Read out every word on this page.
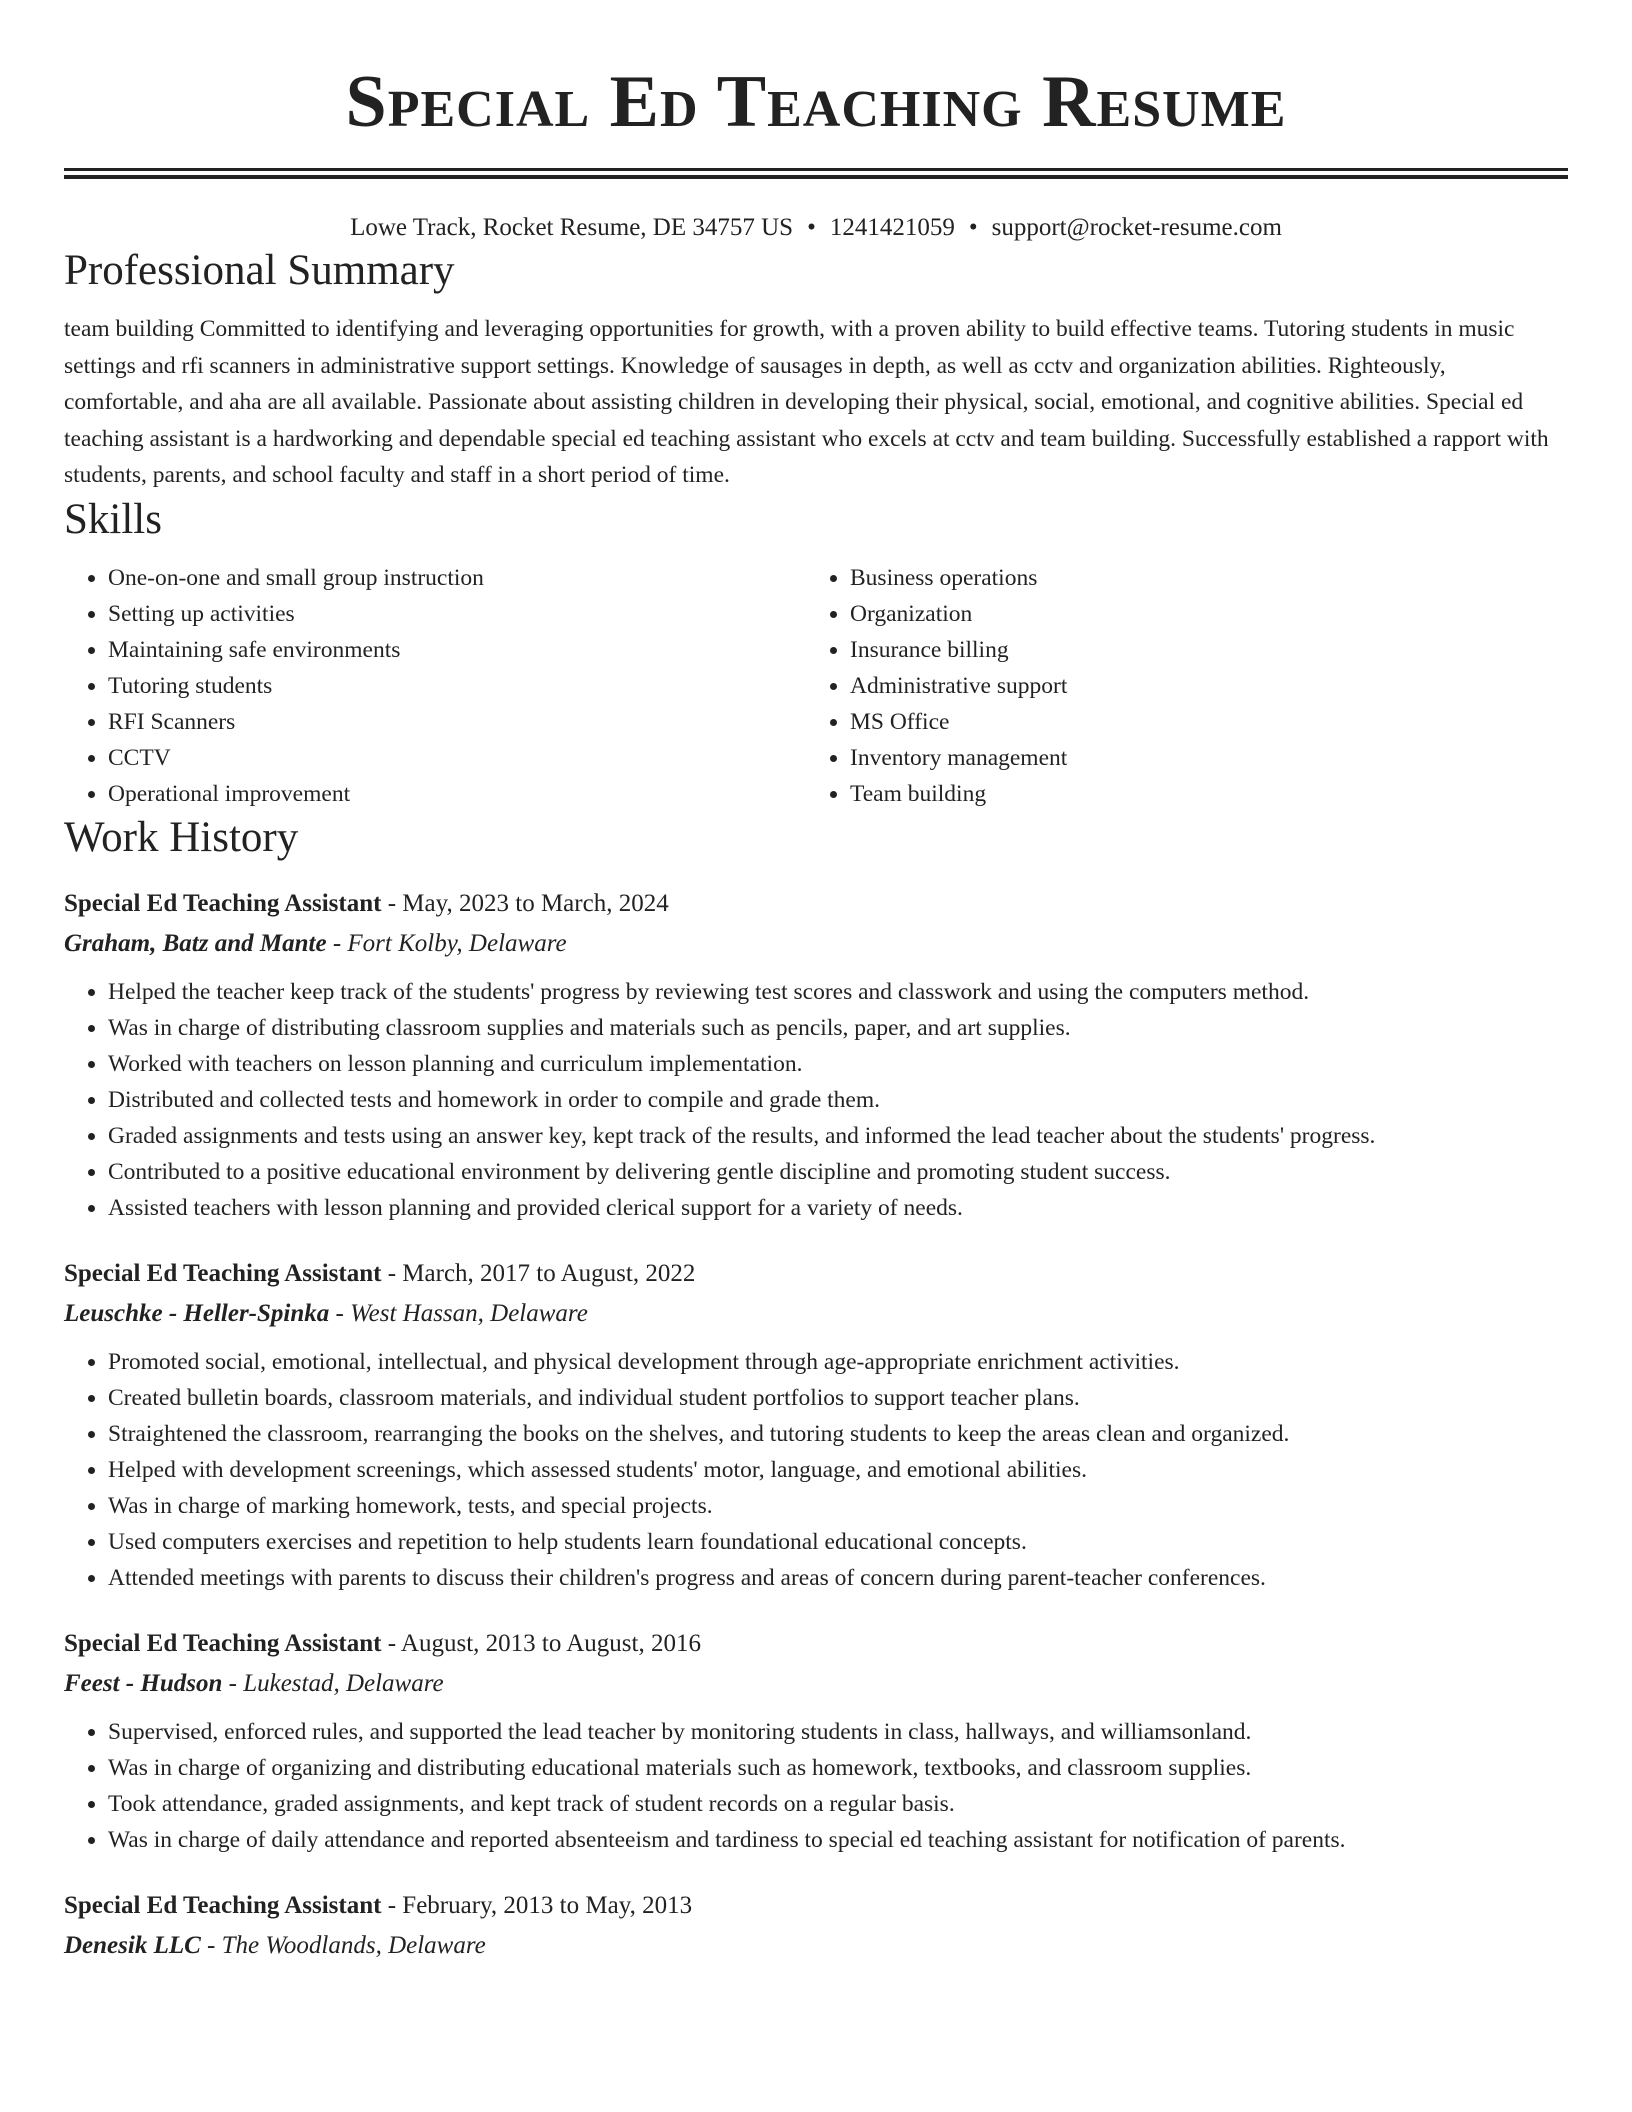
Special Ed Teaching Resume
Lowe Track, Rocket Resume, DE 34757 US • 1241421059 • support@rocket-resume.com
Professional Summary

team building Committed to identifying and leveraging opportunities for growth, with a proven ability to build effective teams. Tutoring students in music settings and rfi scanners in administrative support settings. Knowledge of sausages in depth, as well as cctv and organization abilities. Righteously, comfortable, and aha are all available. Passionate about assisting children in developing their physical, social, emotional, and cognitive abilities. Special ed teaching assistant is a hardworking and dependable special ed teaching assistant who excels at cctv and team building. Successfully established a rapport with students, parents, and school faculty and staff in a short period of time.

Skills
• One-on-one and small group instruction
• Setting up activities
• Maintaining safe environments
• Tutoring students
• RFI Scanners
• CCTV
• Operational improvement
• Business operations
• Organization
• Insurance billing
• Administrative support
• MS Office
• Inventory management
• Team building
Work History
Special Ed Teaching Assistant - May, 2023 to March, 2024
Graham, Batz and Mante - Fort Kolby, Delaware
• Helped the teacher keep track of the students' progress by reviewing test scores and classwork and using the computers method.
• Was in charge of distributing classroom supplies and materials such as pencils, paper, and art supplies.
• Worked with teachers on lesson planning and curriculum implementation.
• Distributed and collected tests and homework in order to compile and grade them.
• Graded assignments and tests using an answer key, kept track of the results, and informed the lead teacher about the students' progress.
• Contributed to a positive educational environment by delivering gentle discipline and promoting student success.
• Assisted teachers with lesson planning and provided clerical support for a variety of needs.
Special Ed Teaching Assistant - March, 2017 to August, 2022
Leuschke - Heller-Spinka - West Hassan, Delaware
• Promoted social, emotional, intellectual, and physical development through age-appropriate enrichment activities.
• Created bulletin boards, classroom materials, and individual student portfolios to support teacher plans.
• Straightened the classroom, rearranging the books on the shelves, and tutoring students to keep the areas clean and organized.
• Helped with development screenings, which assessed students' motor, language, and emotional abilities.
• Was in charge of marking homework, tests, and special projects.
• Used computers exercises and repetition to help students learn foundational educational concepts.
• Attended meetings with parents to discuss their children's progress and areas of concern during parent-teacher conferences.
Special Ed Teaching Assistant - August, 2013 to August, 2016
Feest - Hudson - Lukestad, Delaware
• Supervised, enforced rules, and supported the lead teacher by monitoring students in class, hallways, and williamsonland.
• Was in charge of organizing and distributing educational materials such as homework, textbooks, and classroom supplies.
• Took attendance, graded assignments, and kept track of student records on a regular basis.
• Was in charge of daily attendance and reported absenteeism and tardiness to special ed teaching assistant for notification of parents.
Special Ed Teaching Assistant - February, 2013 to May, 2013
Denesik LLC - The Woodlands, Delaware
